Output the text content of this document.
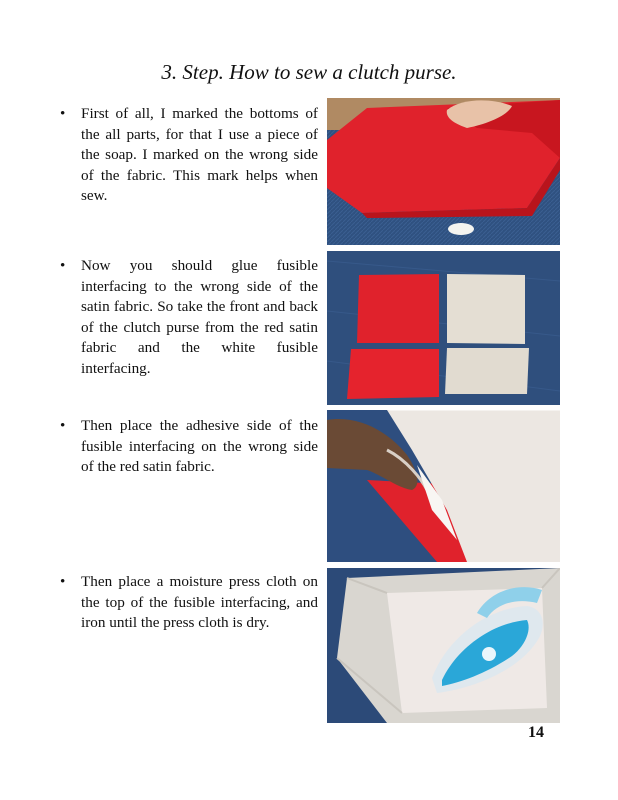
3. Step. How to sew a clutch purse.
•	First of all, I marked the bottoms of the all parts, for that I use a piece of the soap. I marked on the wrong side of the fabric. This mark helps when sew.
•	Now you should glue fusible interfacing to the wrong side of the satin fabric. So take the front and back of the clutch purse from the red satin fabric and the white fusible interfacing.
•	Then place the adhesive side of the fusible interfacing on the wrong side of the red satin fabric.
•	Then place a moisture press cloth on the top of the fusible interfacing, and iron until the press cloth is dry.
14
